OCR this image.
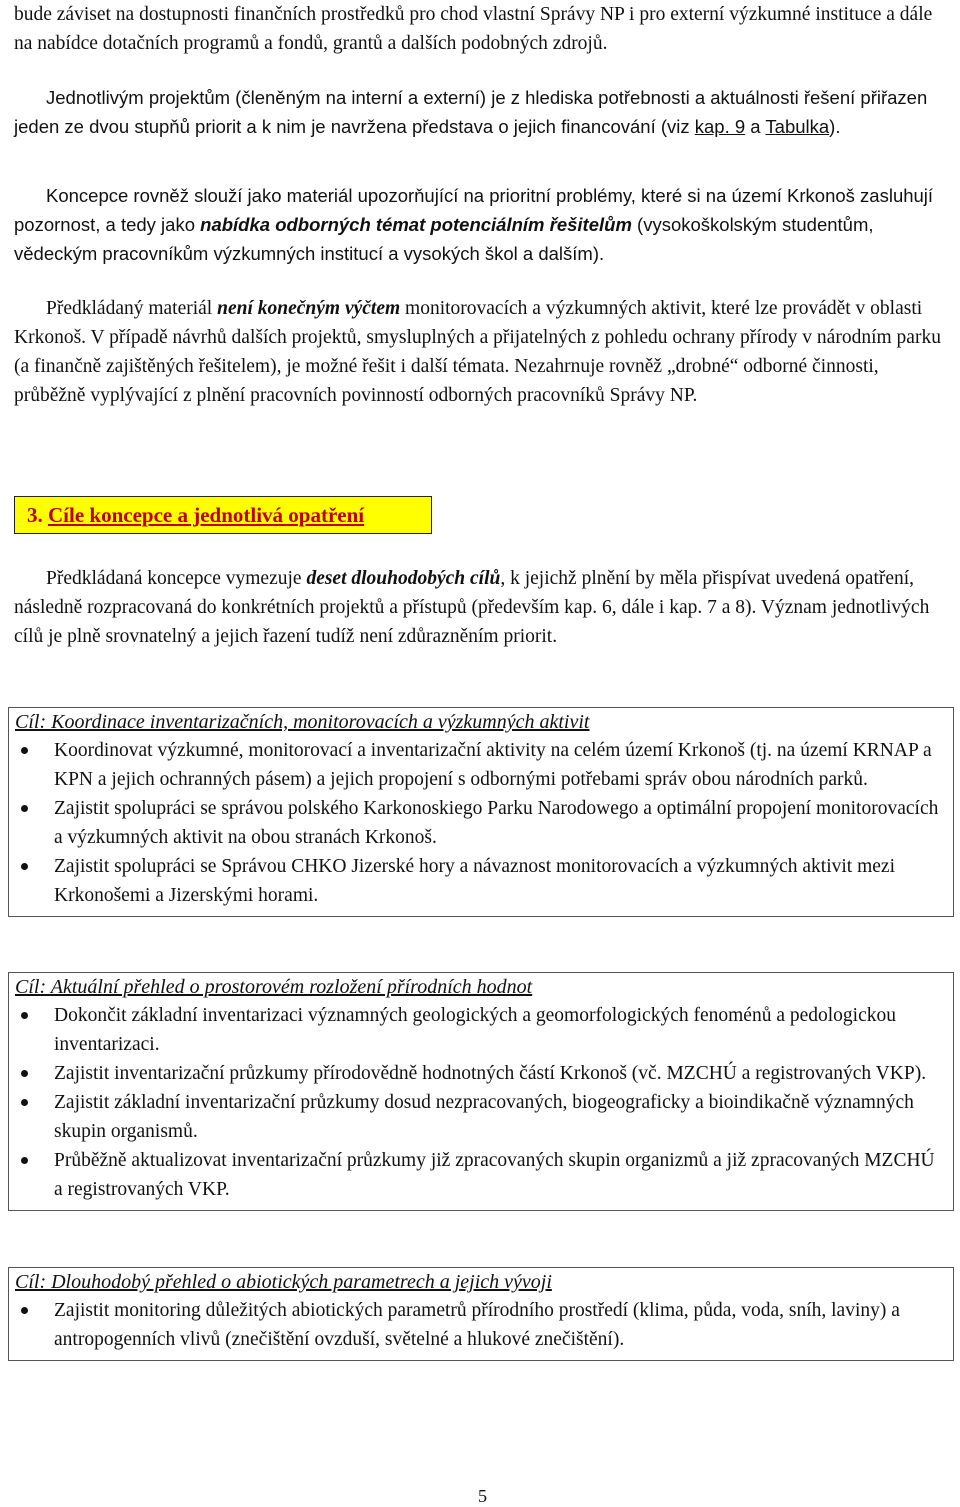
bude záviset na dostupnosti finančních prostředků pro chod vlastní Správy NP i pro externí výzkumné instituce a dále na nabídce dotačních programů a fondů, grantů a dalších podobných zdrojů.

Jednotlivým projektům (členěným na interní a externí) je z hlediska potřebnosti a aktuálnosti řešení přiřazen jeden ze dvou stupňů priorit a k nim je navržena představa o jejich financování (viz kap. 9 a Tabulka).

Koncepce rovněž slouží jako materiál upozorňující na prioritní problémy, které si na území Krkonoš zasluhují pozornost, a tedy jako nabídka odborných témat potenciálním řešitelům (vysokoškolským studentům, vědeckým pracovníkům výzkumných institucí a vysokých škol a dalším).

Předkládaný materiál není konečným výčtem monitorovacích a výzkumných aktivit, které lze provádět v oblasti Krkonoš. V případě návrhů dalších projektů, smysluplných a přijatelných z pohledu ochrany přírody v národním parku (a finančně zajištěných řešitelem), je možné řešit i další témata. Nezahrnuje rovněž „drobné“ odborné činnosti, průběžně vyplývající z plnění pracovních povinností odborných pracovníků Správy NP.

3. Cíle koncepce a jednotlivá opatření

Předkládaná koncepce vymezuje deset dlouhodobých cílů, k jejichž plnění by měla přispívat uvedená opatření, následně rozpracovaná do konkrétních projektů a přístupů (především kap. 6, dále i kap. 7 a 8). Význam jednotlivých cílů je plně srovnatelný a jejich řazení tudíž není zdůrazněním priorit.

Cíl: Koordinace inventarizačních, monitorovacích a výzkumných aktivit
Koordinovat výzkumné, monitorovací a inventarizační aktivity na celém území Krkonoš (tj. na území KRNAP a KPN a jejich ochranných pásem) a jejich propojení s odbornými potřebami správ obou národních parků.
Zajistit spolupráci se správou polského Karkonoskiego Parku Narodowego a optimální propojení monitorovacích a výzkumných aktivit na obou stranách Krkonoš.
Zajistit spolupráci se Správou CHKO Jizerské hory a návaznost monitorovacích a výzkumných aktivit mezi Krkonošemi a Jizerskými horami.
Cíl: Aktuální přehled o prostorovém rozložení přírodních hodnot
Dokončit základní inventarizaci významných geologických a geomorfologických fenoménů a pedologickou inventarizaci.
Zajistit inventarizační průzkumy přírodovědně hodnotných částí Krkonoš (vč. MZCHÚ a registrovaných VKP).
Zajistit základní inventarizační průzkumy dosud nezpracovaných, biogeograficky a bioindikačně významných skupin organismů.
Průběžně aktualizovat inventarizační průzkumy již zpracovaných skupin organizmů a již zpracovaných MZCHÚ a registrovaných VKP.
Cíl: Dlouhodobý přehled o abiotických parametrech a jejich vývoji
Zajistit monitoring důležitých abiotických parametrů přírodního prostředí (klima, půda, voda, sníh, laviny) a antropogenních vlivů (znečištění ovzduší, světelné a hlukové znečištění).
5
